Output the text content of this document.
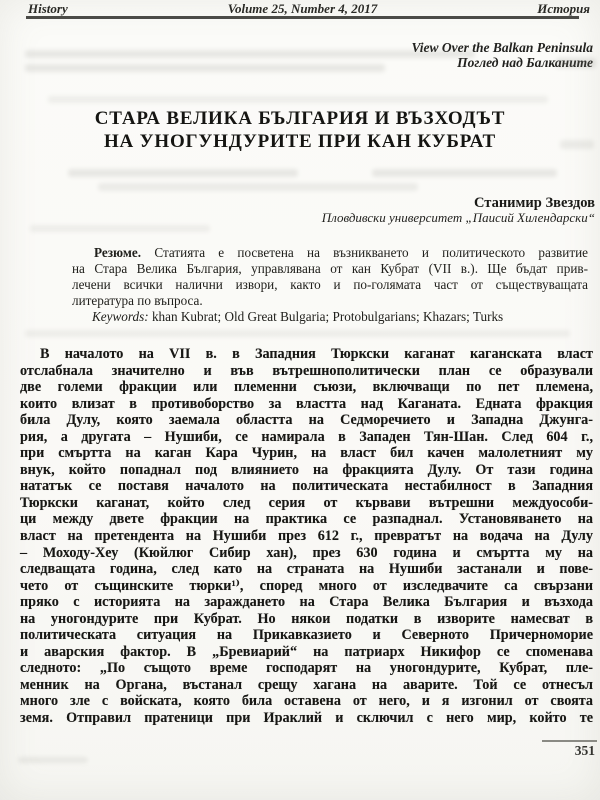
History	Volume 25, Number 4, 2017	История
View Over the Balkan Peninsula
Поглед над Балканите
СТАРА ВЕЛИКА БЪЛГАРИЯ И ВЪЗХОДЪТ
НА УНОГУНДУРИТЕ ПРИ КАН КУБРАТ
Станимир Звездов
Пловдивски университет „Паисий Хилендарски“
Резюме. Статията е посветена на възникването и политическото развитие
на Стара Велика България, управлявана от кан Кубрат (VII в.). Ще бъдат прив-
лечени всички налични извори, както и по-голямата част от съществуващата
литература по въпроса.
Keywords: khan Kubrat; Old Great Bulgaria; Protobulgarians; Khazars; Turks
В началото на VII в. в Западния Тюркски каганат каганската власт
отслабнала значително и във вътрешнополитически план се образували
две големи фракции или племенни съюзи, включващи по пет племена,
които влизат в противоборство за властта над Каганата. Едната фракция
била Дулу, която заемала областта на Седморечието и Западна Джунга-
рия, а другата – Нушиби, се намирала в Западен Тян-Шан. След 604 г.,
при смъртта на каган Кара Чурин, на власт бил качен малолетният му
внук, който попаднал под влиянието на фракцията Дулу. От тази година
нататък се поставя началото на политическата нестабилност в Западния
Тюркски каганат, който след серия от кървави вътрешни междуособи-
ци между двете фракции на практика се разпаднал. Установяването на
власт на претендента на Нушиби през 612 г., превратът на водача на Дулу
– Моходу-Хеу (Кюйлюг Сибир хан), през 630 година и смъртта му на
следващата година, след като на страната на Нушиби застанали и пове-
чето от същинските тюрки¹⁾, според много от изследвачите са свързани
пряко с историята на зараждането на Стара Велика България и възхода
на уногондурите при Кубрат. Но някои податки в изворите намесват в
политическата ситуация на Прикавказието и Северното Причерноморие
и аварския фактор. В „Бревиарий“ на патриарх Никифор се споменава
следното: „По същото време господарят на уногондурите, Кубрат, пле-
менник на Органа, въстанал срещу хагана на аварите. Той се отнесъл
много зле с войската, която била оставена от него, и я изгонил от своята
земя. Отправил пратеници при Ираклий и сключил с него мир, който те
351
